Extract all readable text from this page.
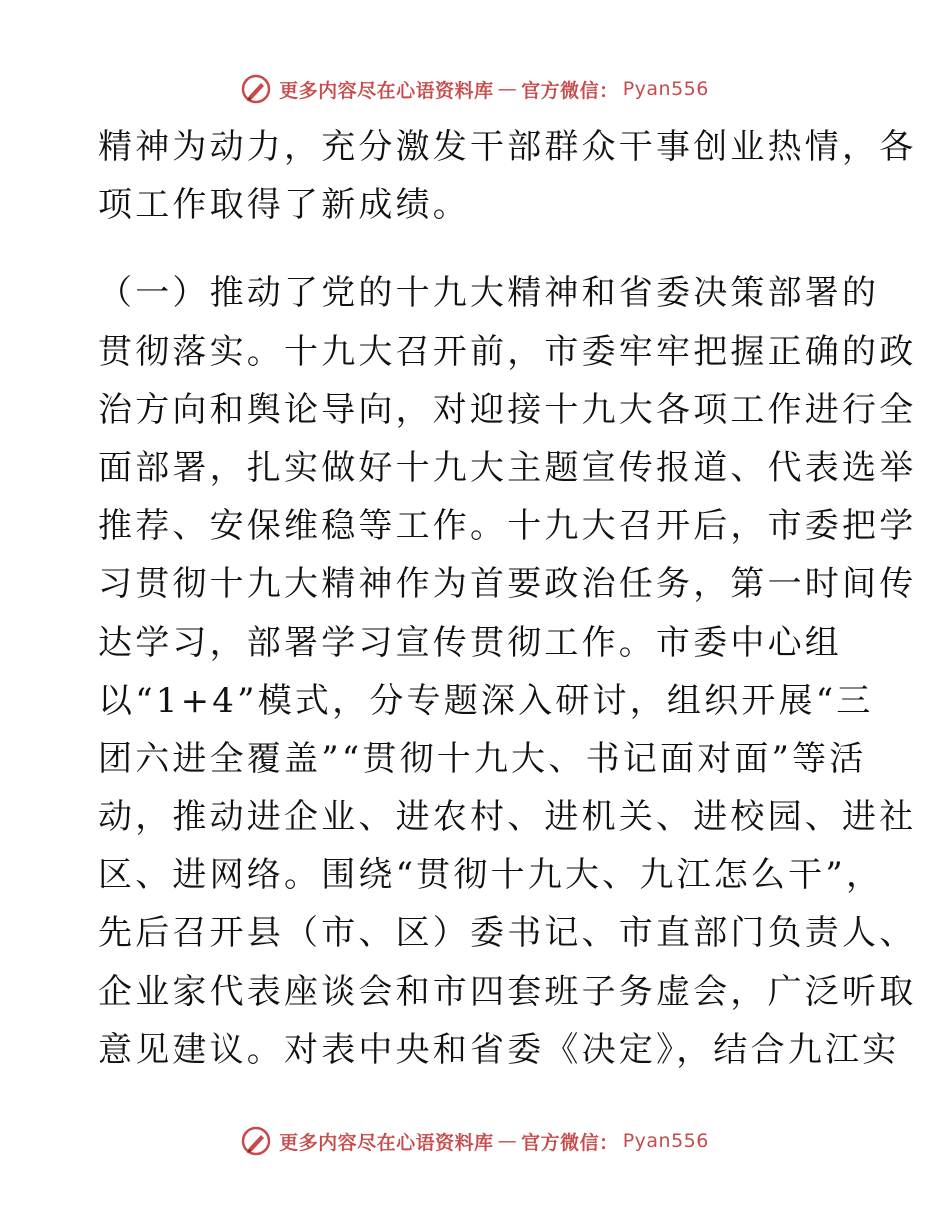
更多内容尽在心语资料库 — 官方微信： Pyan556
精神为动力，充分激发干部群众干事创业热情，各
项工作取得了新成绩。
（一）推动了党的十九大精神和省委决策部署的
贯彻落实。十九大召开前，市委牢牢把握正确的政
治方向和舆论导向，对迎接十九大各项工作进行全
面部署，扎实做好十九大主题宣传报道、代表选举
推荐、安保维稳等工作。十九大召开后，市委把学
习贯彻十九大精神作为首要政治任务，第一时间传
达学习，部署学习宣传贯彻工作。市委中心组
以“1+4”模式，分专题深入研讨，组织开展“三
团六进全覆盖”“贯彻十九大、书记面对面”等活
动，推动进企业、进农村、进机关、进校园、进社
区、进网络。围绕“贯彻十九大、九江怎么干”，
先后召开县（市、区）委书记、市直部门负责人、
企业家代表座谈会和市四套班子务虚会，广泛听取
意见建议。对表中央和省委《决定》，结合九江实
更多内容尽在心语资料库 — 官方微信： Pyan556
